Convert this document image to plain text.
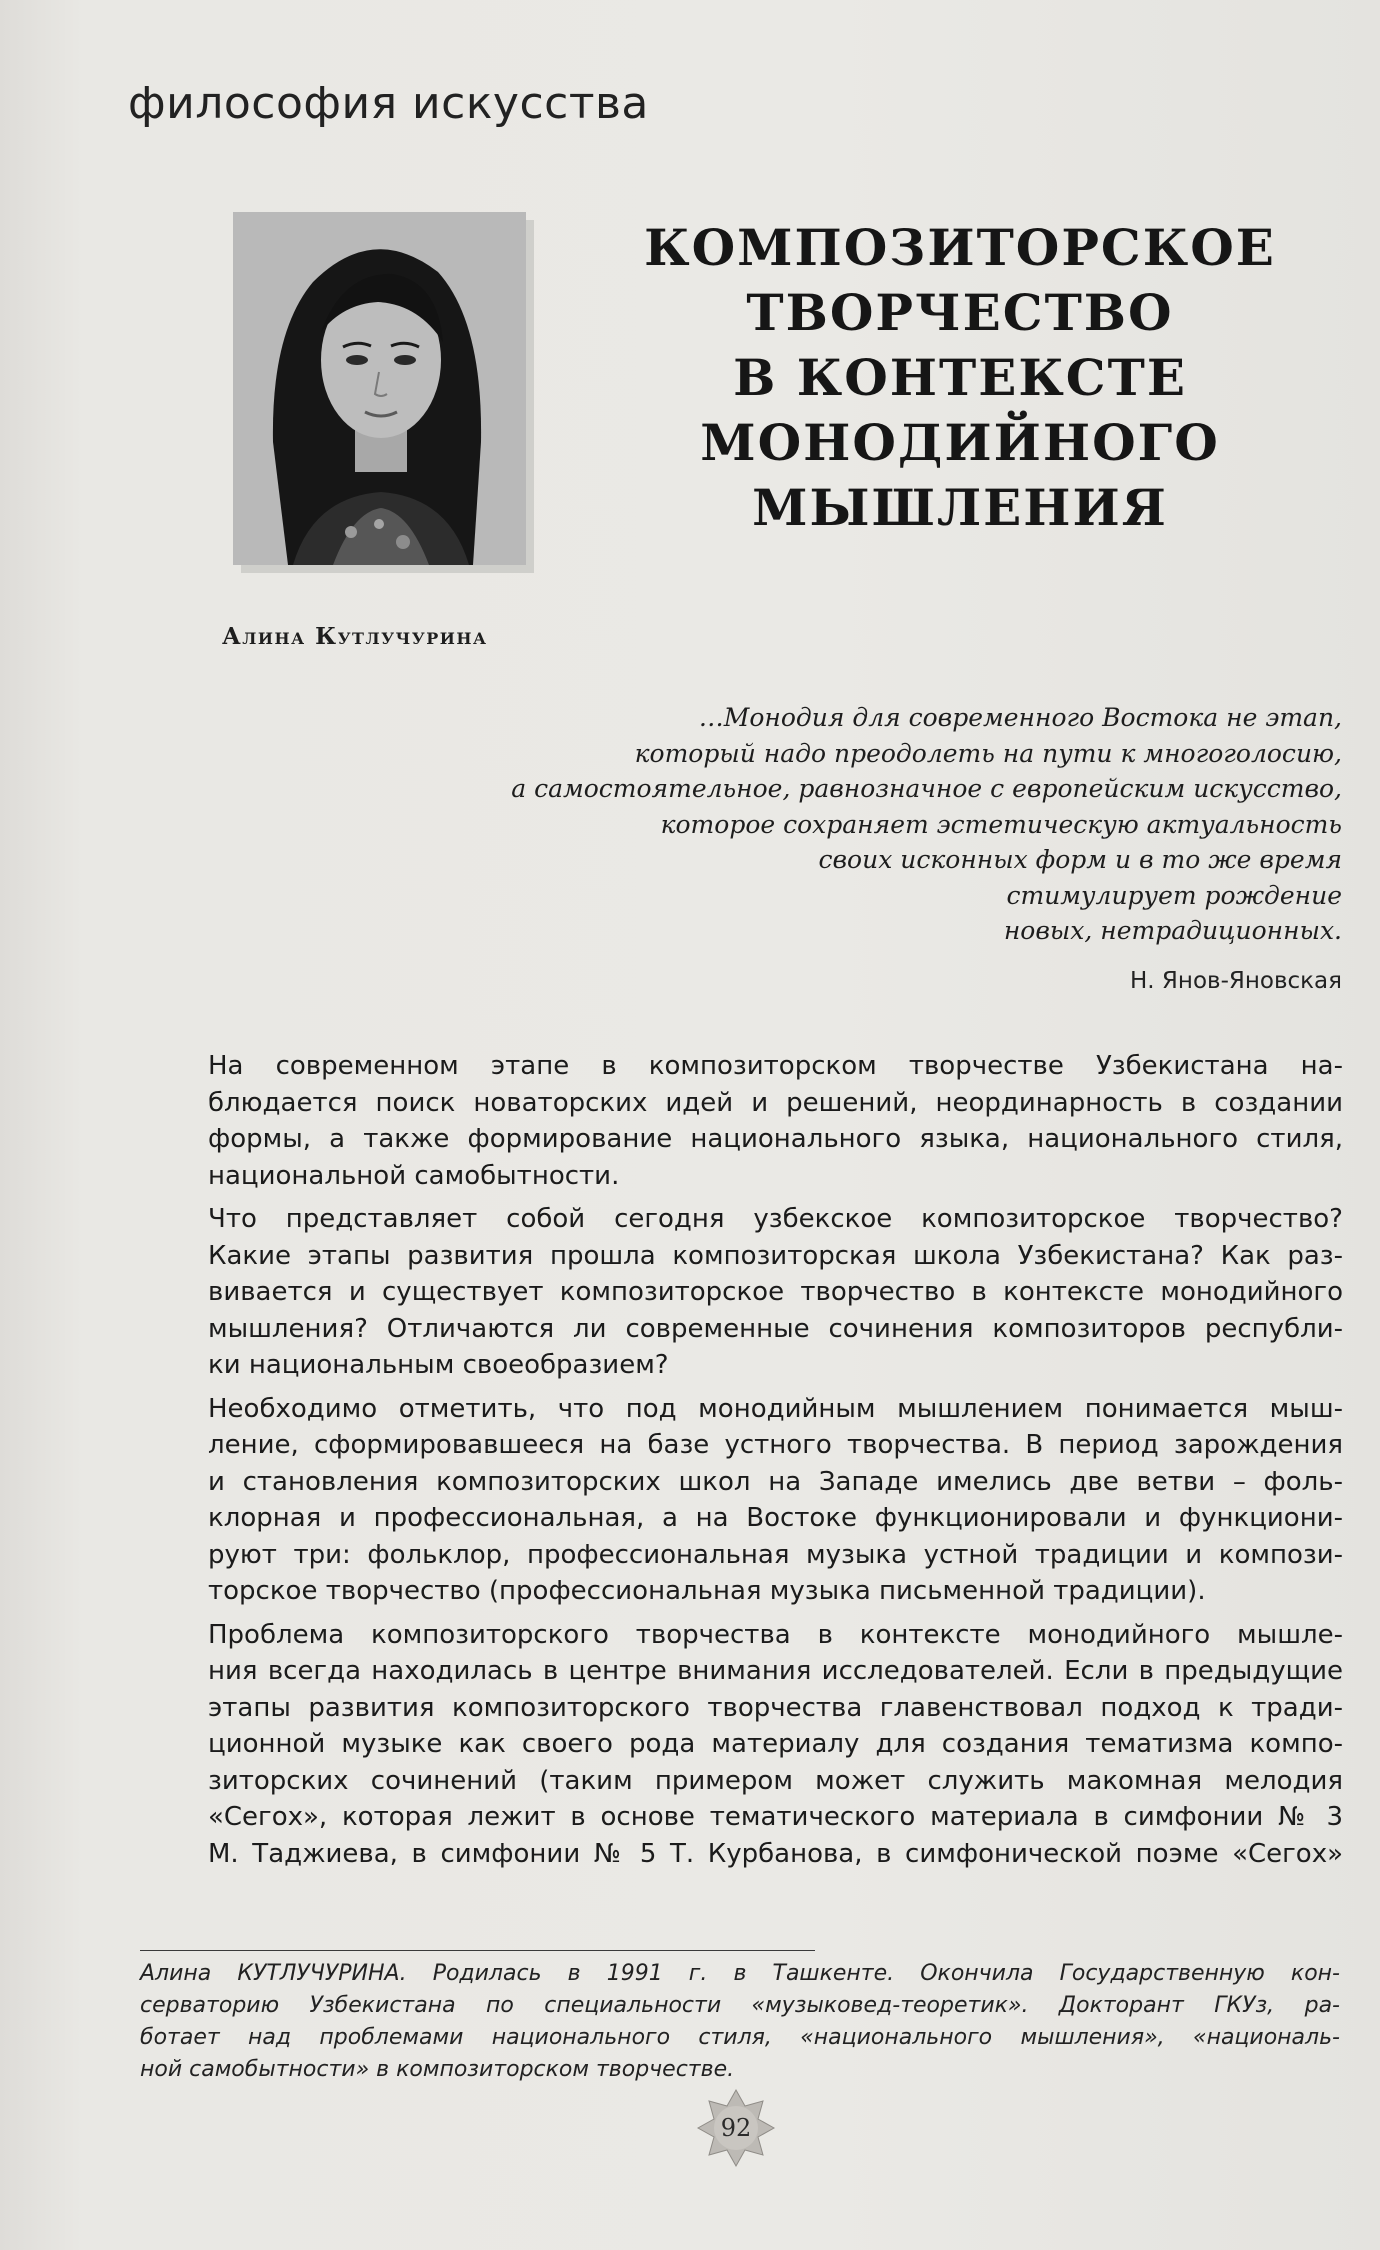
философия искусства
КОМПОЗИТОРСКОЕ
ТВОРЧЕСТВО
В КОНТЕКСТЕ
МОНОДИЙНОГО
МЫШЛЕНИЯ
Алина Кутлучурина
…Монодия для современного Востока не этап,
который надо преодолеть на пути к многоголосию,
а самостоятельное, равнозначное с европейским искусство,
которое сохраняет эстетическую актуальность
своих исконных форм и в то же время
стимулирует рождение
новых, нетрадиционных.
Н. Янов-Яновская
На современном этапе в композиторском творчестве Узбекистана на-
блюдается поиск новаторских идей и решений, неординарность в создании
формы, а также формирование национального языка, национального стиля,
национальной самобытности.
Что представляет собой сегодня узбекское композиторское творчество?
Какие этапы развития прошла композиторская школа Узбекистана? Как раз-
вивается и существует композиторское творчество в контексте монодийного
мышления? Отличаются ли современные сочинения композиторов республи-
ки национальным своеобразием?
Необходимо отметить, что под монодийным мышлением понимается мыш-
ление, сформировавшееся на базе устного творчества. В период зарождения
и становления композиторских школ на Западе имелись две ветви – фоль-
клорная и профессиональная, а на Востоке функционировали и функциони-
руют три: фольклор, профессиональная музыка устной традиции и компози-
торское творчество (профессиональная музыка письменной традиции).
Проблема композиторского творчества в контексте монодийного мышле-
ния всегда находилась в центре внимания исследователей. Если в предыдущие
этапы развития композиторского творчества главенствовал подход к тради-
ционной музыке как своего рода материалу для создания тематизма компо-
зиторских сочинений (таким примером может служить макомная мелодия
«Сегох», которая лежит в основе тематического материала в симфонии № 3
М. Таджиева, в симфонии № 5 Т. Курбанова, в симфонической поэме «Сегох»
Алина КУТЛУЧУРИНА. Родилась в 1991 г. в Ташкенте. Окончила Государственную кон-
серваторию Узбекистана по специальности «музыковед-теоретик». Докторант ГКУз, ра-
ботает над проблемами национального стиля, «национального мышления», «националь-
ной самобытности» в композиторском творчестве.
92
